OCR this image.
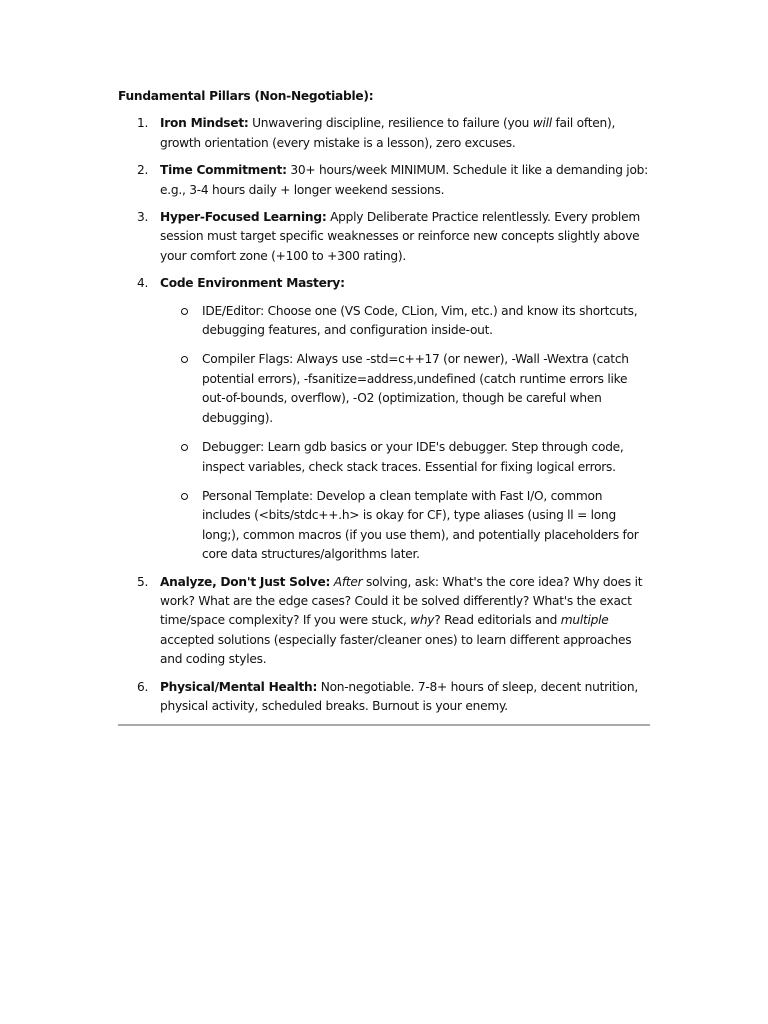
Fundamental Pillars (Non-Negotiable):

1. Iron Mindset: Unwavering discipline, resilience to failure (you will fail often), growth orientation (every mistake is a lesson), zero excuses.
2. Time Commitment: 30+ hours/week MINIMUM. Schedule it like a demanding job: e.g., 3-4 hours daily + longer weekend sessions.
3. Hyper-Focused Learning: Apply Deliberate Practice relentlessly. Every problem session must target specific weaknesses or reinforce new concepts slightly above your comfort zone (+100 to +300 rating).
4. Code Environment Mastery:
IDE/Editor: Choose one (VS Code, CLion, Vim, etc.) and know its shortcuts, debugging features, and configuration inside-out.
Compiler Flags: Always use -std=c++17 (or newer), -Wall -Wextra (catch potential errors), -fsanitize=address,undefined (catch runtime errors like out-of-bounds, overflow), -O2 (optimization, though be careful when debugging).
Debugger: Learn gdb basics or your IDE's debugger. Step through code, inspect variables, check stack traces. Essential for fixing logical errors.
Personal Template: Develop a clean template with Fast I/O, common includes (<bits/stdc++.h> is okay for CF), type aliases (using ll = long long;), common macros (if you use them), and potentially placeholders for core data structures/algorithms later.
5. Analyze, Don't Just Solve: After solving, ask: What's the core idea? Why does it work? What are the edge cases? Could it be solved differently? What's the exact time/space complexity? If you were stuck, why? Read editorials and multiple accepted solutions (especially faster/cleaner ones) to learn different approaches and coding styles.
6. Physical/Mental Health: Non-negotiable. 7-8+ hours of sleep, decent nutrition, physical activity, scheduled breaks. Burnout is your enemy.
